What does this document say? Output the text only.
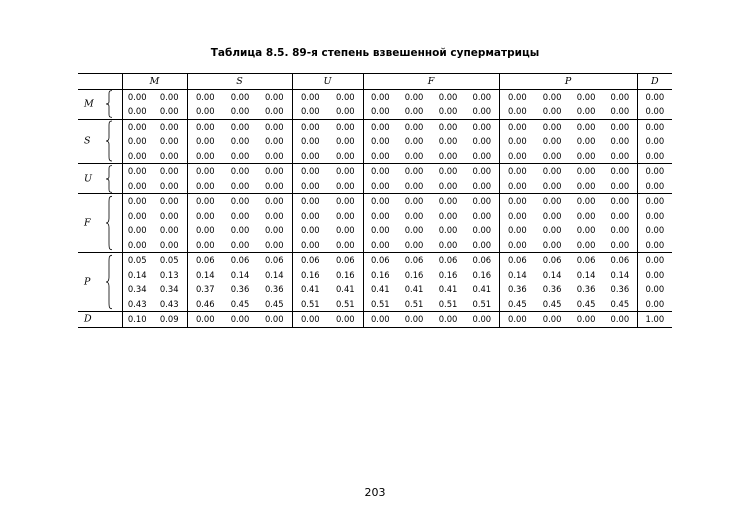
Таблица 8.5. 89-я степень взвешенной суперматрицы
	M		S			U		F				P				D

M	0.00	0.00	0.00	0.00	0.00	0.00	0.00	0.00	0.00	0.00	0.00	0.00	0.00	0.00	0.00	0.00
	0.00	0.00	0.00	0.00	0.00	0.00	0.00	0.00	0.00	0.00	0.00	0.00	0.00	0.00	0.00	0.00

S	0.00	0.00	0.00	0.00	0.00	0.00	0.00	0.00	0.00	0.00	0.00	0.00	0.00	0.00	0.00	0.00
	0.00	0.00	0.00	0.00	0.00	0.00	0.00	0.00	0.00	0.00	0.00	0.00	0.00	0.00	0.00	0.00
	0.00	0.00	0.00	0.00	0.00	0.00	0.00	0.00	0.00	0.00	0.00	0.00	0.00	0.00	0.00	0.00

U	0.00	0.00	0.00	0.00	0.00	0.00	0.00	0.00	0.00	0.00	0.00	0.00	0.00	0.00	0.00	0.00
	0.00	0.00	0.00	0.00	0.00	0.00	0.00	0.00	0.00	0.00	0.00	0.00	0.00	0.00	0.00	0.00

F	0.00	0.00	0.00	0.00	0.00	0.00	0.00	0.00	0.00	0.00	0.00	0.00	0.00	0.00	0.00	0.00
	0.00	0.00	0.00	0.00	0.00	0.00	0.00	0.00	0.00	0.00	0.00	0.00	0.00	0.00	0.00	0.00
	0.00	0.00	0.00	0.00	0.00	0.00	0.00	0.00	0.00	0.00	0.00	0.00	0.00	0.00	0.00	0.00
	0.00	0.00	0.00	0.00	0.00	0.00	0.00	0.00	0.00	0.00	0.00	0.00	0.00	0.00	0.00	0.00

P	0.05	0.05	0.06	0.06	0.06	0.06	0.06	0.06	0.06	0.06	0.06	0.06	0.06	0.06	0.06	0.00
	0.14	0.13	0.14	0.14	0.14	0.16	0.16	0.16	0.16	0.16	0.16	0.14	0.14	0.14	0.14	0.00
	0.34	0.34	0.37	0.36	0.36	0.41	0.41	0.41	0.41	0.41	0.41	0.36	0.36	0.36	0.36	0.00
	0.43	0.43	0.46	0.45	0.45	0.51	0.51	0.51	0.51	0.51	0.51	0.45	0.45	0.45	0.45	0.00

D	0.10	0.09	0.00	0.00	0.00	0.00	0.00	0.00	0.00	0.00	0.00	0.00	0.00	0.00	0.00	1.00
203
